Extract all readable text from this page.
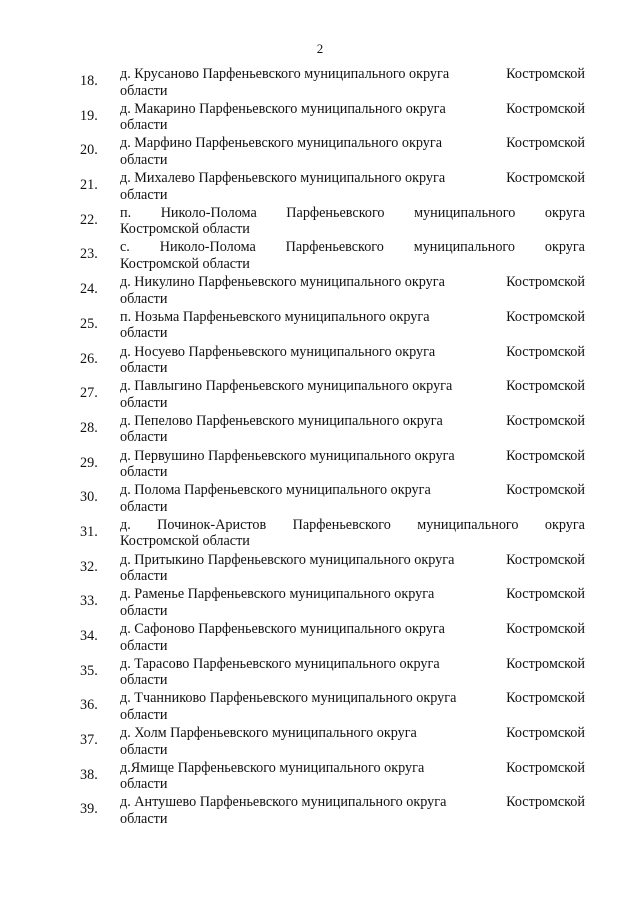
2
18.	д. Крусаново Парфеньевского муниципального округа	Костромской
области
19.	д. Макарино Парфеньевского муниципального округа	Костромской
области
20.	д. Марфино Парфеньевского муниципального округа	Костромской
области
21.	д. Михалево Парфеньевского муниципального округа	Костромской
области
22.	п. Николо-Полома Парфеньевского муниципального округа
Костромской области
23.	с. Николо-Полома Парфеньевского муниципального округа
Костромской области
24.	д. Никулино Парфеньевского муниципального округа	Костромской
области
25.	п. Нозьма Парфеньевского муниципального округа	Костромской
области
26.	д. Носуево Парфеньевского муниципального округа	Костромской
области
27.	д. Павлыгино Парфеньевского муниципального округа	Костромской
области
28.	д. Пепелово Парфеньевского муниципального округа	Костромской
области
29.	д. Первушино Парфеньевского муниципального округа	Костромской
области
30.	д. Полома Парфеньевского муниципального округа	Костромской
области
31.	д. Починок-Аристов Парфеньевского муниципального округа
Костромской области
32.	д. Притыкино Парфеньевского муниципального округа	Костромской
области
33.	д. Раменье Парфеньевского муниципального округа	Костромской
области
34.	д. Сафоново Парфеньевского муниципального округа	Костромской
области
35.	д. Тарасово Парфеньевского муниципального округа	Костромской
области
36.	д. Тчанниково Парфеньевского муниципального округа	Костромской
области
37.	д. Холм Парфеньевского муниципального округа	Костромской
области
38.	д.Ямище Парфеньевского муниципального округа	Костромской
области
39.	д. Антушево Парфеньевского муниципального округа	Костромской
области
